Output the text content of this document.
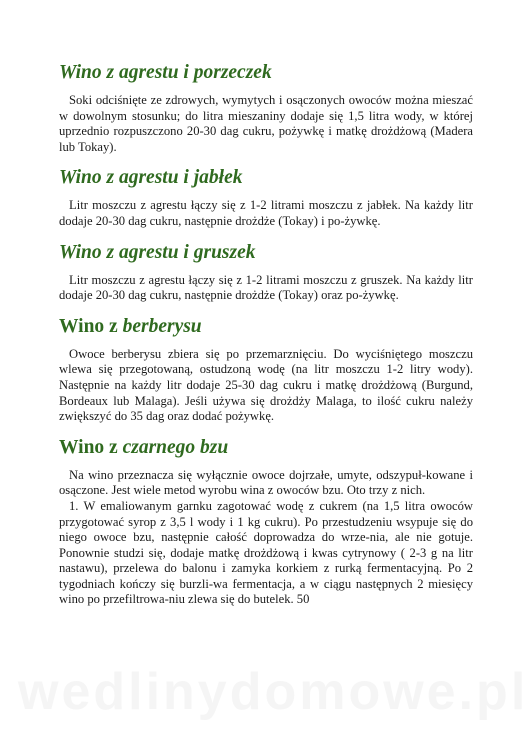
Wino z agrestu i porzeczek

Soki odciśnięte ze zdrowych, wymytych i osączonych owoców można mieszać w dowolnym stosunku; do litra mieszaniny dodaje się 1,5 litra wody, w której uprzednio rozpuszczono 20-30 dag cukru, pożywkę i matkę drożdżową (Madera lub Tokay).

Wino z agrestu i jabłek

Litr moszczu z agrestu łączy się z 1-2 litrami moszczu z jabłek. Na każdy litr dodaje 20-30 dag cukru, następnie drożdże (Tokay) i po-żywkę.

Wino z agrestu i gruszek

Litr moszczu z agrestu łączy się z 1-2 litrami moszczu z gruszek. Na każdy litr dodaje 20-30 dag cukru, następnie drożdże (Tokay) oraz po-żywkę.

Wino z berberysu

Owoce berberysu zbiera się po przemarznięciu. Do wyciśniętego moszczu wlewa się przegotowaną, ostudzoną wodę (na litr moszczu 1-2 litry wody). Następnie na każdy litr dodaje 25-30 dag cukru i matkę drożdżową (Burgund, Bordeaux lub Malaga). Jeśli używa się drożdży Malaga, to ilość cukru należy zwiększyć do 35 dag oraz dodać pożywkę.

Wino z czarnego bzu

Na wino przeznacza się wyłącznie owoce dojrzałe, umyte, odszypuł-kowane i osączone. Jest wiele metod wyrobu wina z owoców bzu. Oto trzy z nich.

1. W emaliowanym garnku zagotować wodę z cukrem (na 1,5 litra owoców przygotować syrop z 3,5 l wody i 1 kg cukru). Po przestudzeniu wsypuje się do niego owoce bzu, następnie całość doprowadza do wrze-nia, ale nie gotuje. Ponownie studzi się, dodaje matkę drożdżową i kwas cytrynowy ( 2-3 g na litr nastawu), przelewa do balonu i zamyka korkiem z rurką fermentacyjną. Po 2 tygodniach kończy się burzli-wa fermentacja, a w ciągu następnych 2 miesięcy wino po przefiltrowa-niu zlewa się do butelek. 50

wedlinydomowe.pl
